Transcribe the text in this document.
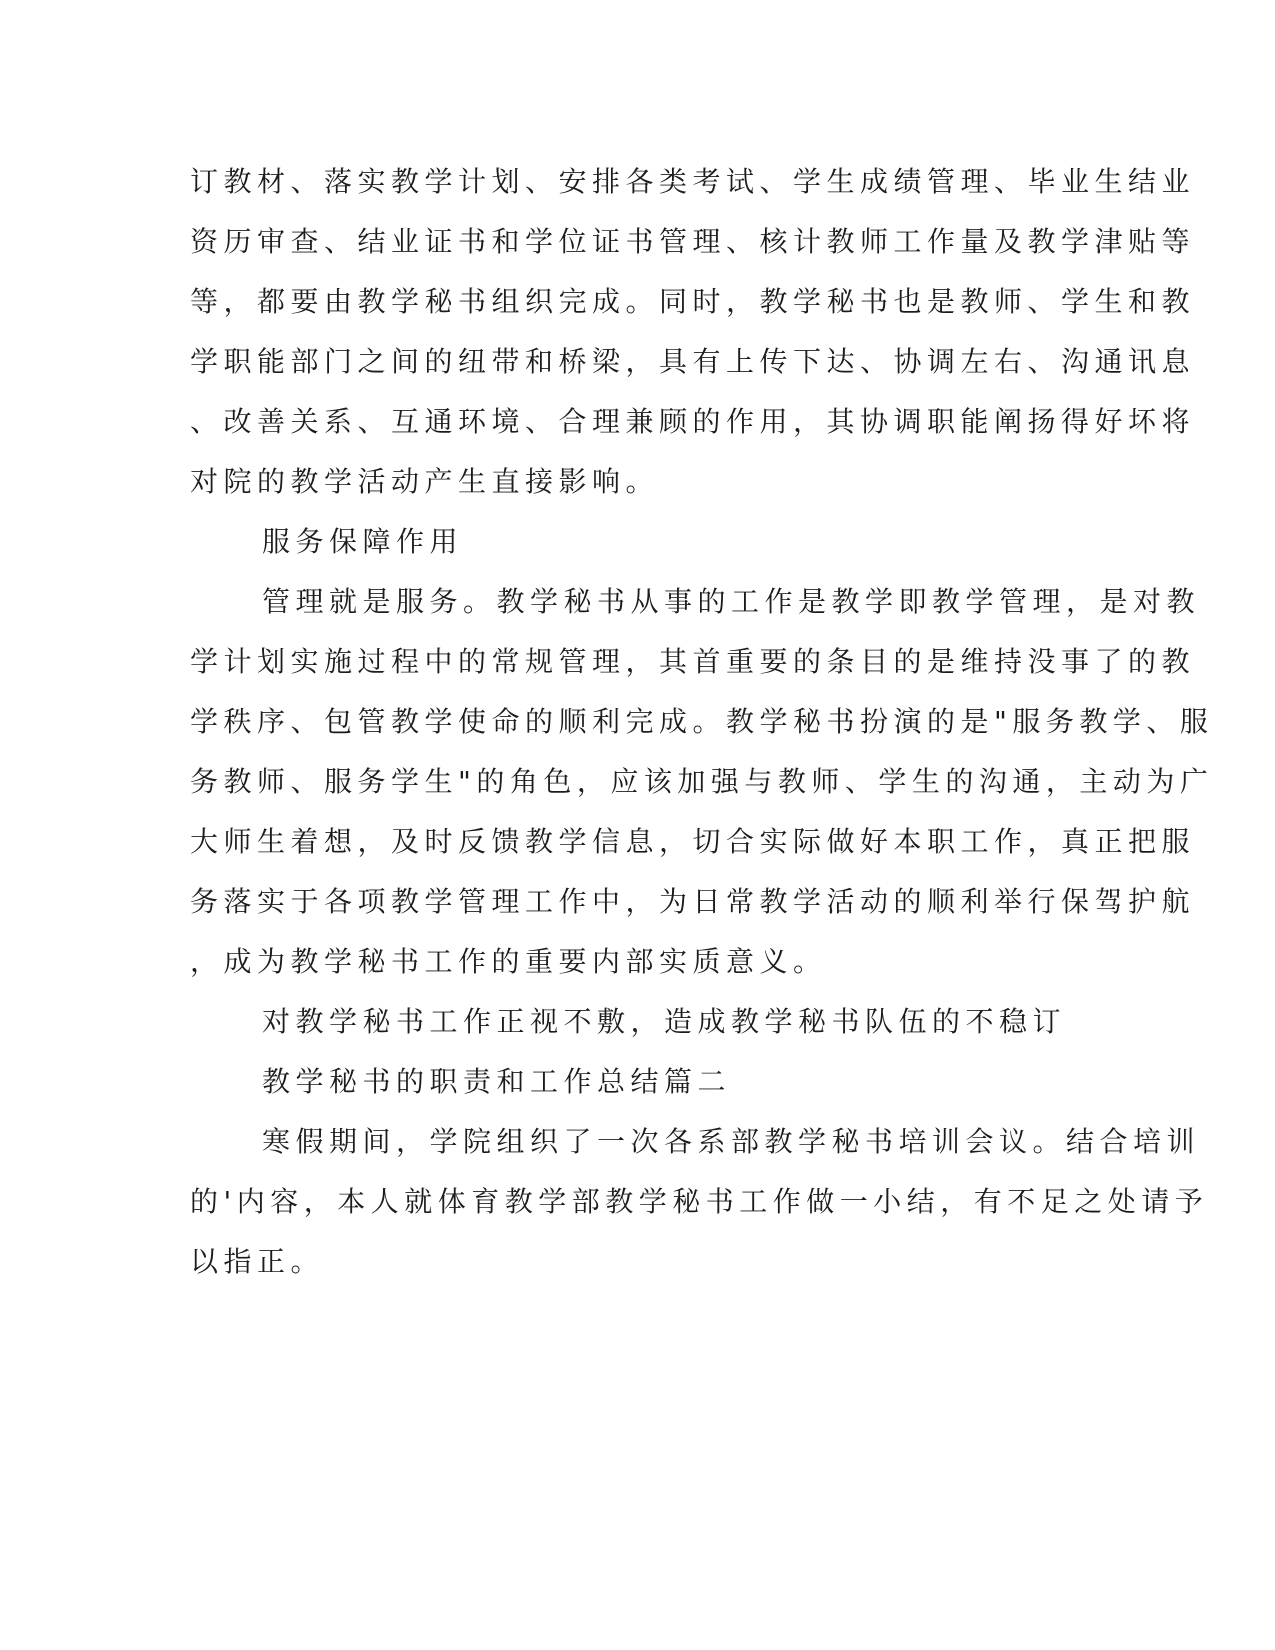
订教材、落实教学计划、安排各类考试、学生成绩管理、毕业生结业
资历审查、结业证书和学位证书管理、核计教师工作量及教学津贴等
等，都要由教学秘书组织完成。同时，教学秘书也是教师、学生和教
学职能部门之间的纽带和桥梁，具有上传下达、协调左右、沟通讯息
、改善关系、互通环境、合理兼顾的作用，其协调职能阐扬得好坏将
对院的教学活动产生直接影响。
服务保障作用
管理就是服务。教学秘书从事的工作是教学即教学管理，是对教
学计划实施过程中的常规管理，其首重要的条目的是维持没事了的教
学秩序、包管教学使命的顺利完成。教学秘书扮演的是"服务教学、服
务教师、服务学生"的角色，应该加强与教师、学生的沟通，主动为广
大师生着想，及时反馈教学信息，切合实际做好本职工作，真正把服
务落实于各项教学管理工作中，为日常教学活动的顺利举行保驾护航
，成为教学秘书工作的重要内部实质意义。
对教学秘书工作正视不敷，造成教学秘书队伍的不稳订
教学秘书的职责和工作总结篇二
寒假期间，学院组织了一次各系部教学秘书培训会议。结合培训
的'内容，本人就体育教学部教学秘书工作做一小结，有不足之处请予
以指正。
